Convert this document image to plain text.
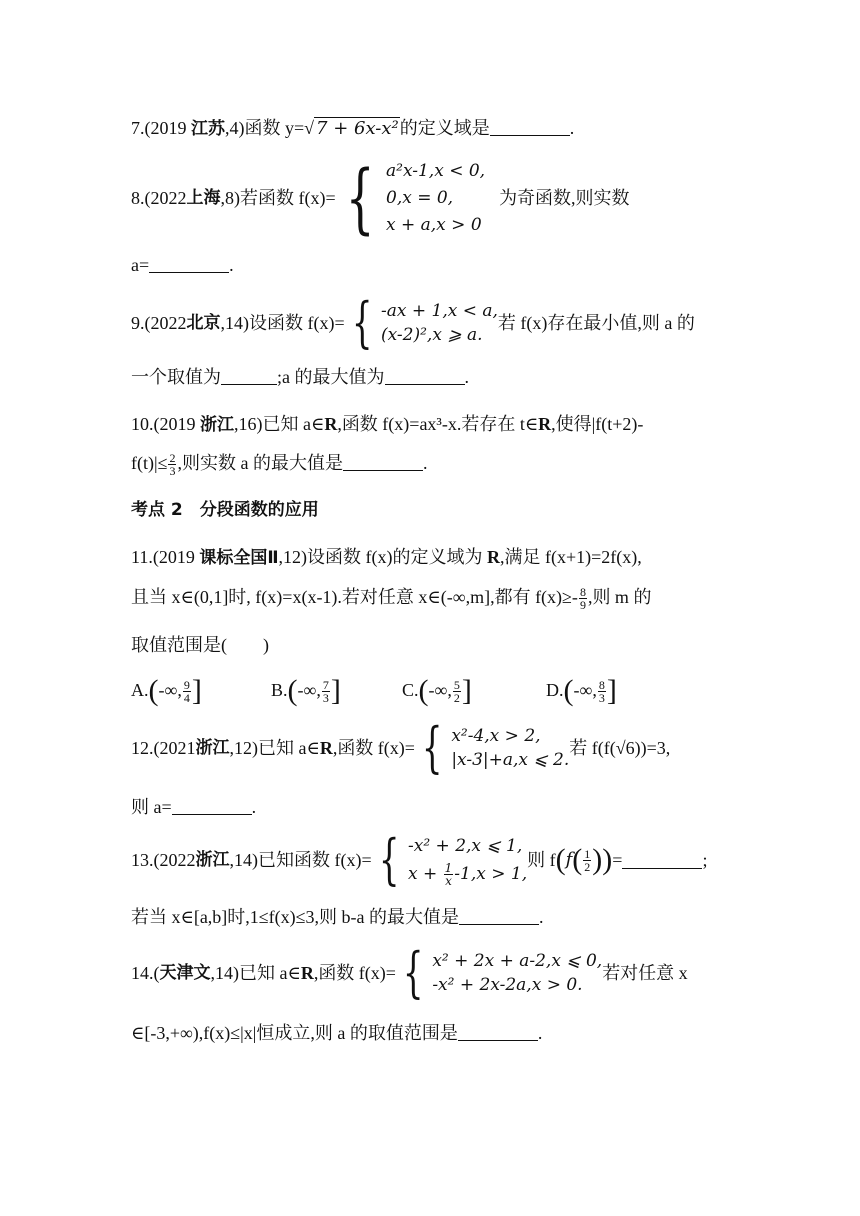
7.(2019 江苏,4)函数 y=√ 7 + 6x-x²的定义域是	.
8.(2022 上海 ,8)若函数 f(x)= { a²x-1,x < 0,
0,x = 0,
x + a,x > 0
为奇函数,则实数
a=	.
9.(2022 北京 ,14)设函数 f(x)= { -ax + 1,x < a,
(x-2)²,x ⩾ a.
若 f(x)存在最小值,则 a 的
一个取值为	;a 的最大值为	.
10.(2019 浙江,16)已知 a∈R,函数 f(x)=ax³-x.若存在 t∈R,使得|f(t+2)-
$f(t)|\le \frac{2}{3}$ ,则实数 a 的最大值是	.
考点 2　分段函数的应用
11.(2019 课标全国Ⅱ,12)设函数 f(x)的定义域为 R,满足 f(x+1)=2f(x),
且当 x∈(0,1]时, f(x)=x(x-1).若对任意 x∈(-∞,m],都有 $f(x)\ge- \frac{8}{9}$ ,则 m 的
取值范围是(　　)
A.(-∞, $\frac{9}{4}$ ]	B.(-∞, $\frac{7}{3}$ ]	C.(-∞, $\frac{5}{2}$ ]	D.(-∞, $\frac{8}{3}$ ]
12.(2021 浙江 ,12)已知 a∈ R ,函数 f(x)= { x²-4,x > 2,
|x-3|+a,x ⩽ 2.
若 f(f(√6))=3,
则 a=	.
13.(2022 浙江 ,14)已知函数 f(x)= { -x² + 2,x ⩽ 1,
$x + \frac{1}{x} -1,x > 1$,
则 f ( f ( $\frac{1}{2}$ ) ) =	;
若当 x∈[a,b]时,1≤f(x)≤3,则 b-a 的最大值是	.
14.( 天津文 ,14)已知 a∈ R ,函数 f(x)= { x² + 2x + a-2,x ⩽ 0,
-x² + 2x-2a,x > 0.
若对任意 x
∈[-3,+∞),f(x)≤|x|恒成立,则 a 的取值范围是	.
